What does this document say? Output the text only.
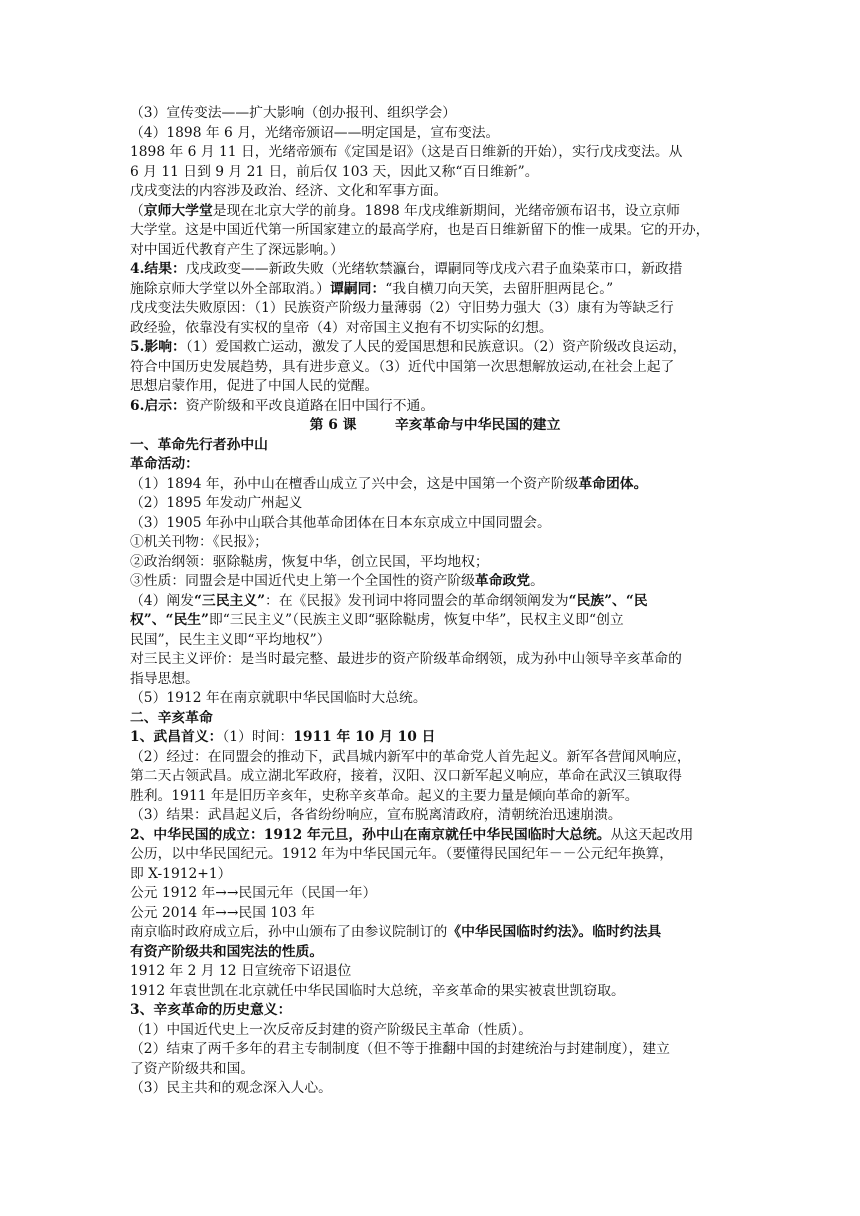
（3）宣传变法——扩大影响（创办报刊、组织学会）
（4）1898 年 6 月，光绪帝颁诏——明定国是，宣布变法。
1898 年 6 月 11 日，光绪帝颁布《定国是诏》（这是百日维新的开始），实行戊戌变法。从
6 月 11 日到 9 月 21 日，前后仅 103 天，因此又称“百日维新”。
戊戌变法的内容涉及政治、经济、文化和军事方面。
（京师大学堂是现在北京大学的前身。1898 年戊戌维新期间，光绪帝颁布诏书，设立京师
大学堂。这是中国近代第一所国家建立的最高学府，也是百日维新留下的惟一成果。它的开办，
对中国近代教育产生了深远影响。）
4.结果：戊戌政变——新政失败（光绪软禁瀛台，谭嗣同等戊戌六君子血染菜市口，新政措
施除京师大学堂以外全部取消。）谭嗣同：“我自横刀向天笑，去留肝胆两昆仑。”
戊戌变法失败原因：（1）民族资产阶级力量薄弱（2）守旧势力强大（3）康有为等缺乏行
政经验，依靠没有实权的皇帝（4）对帝国主义抱有不切实际的幻想。
5.影响：（1）爱国救亡运动，激发了人民的爱国思想和民族意识。（2）资产阶级改良运动，
符合中国历史发展趋势，具有进步意义。（3）近代中国第一次思想解放运动,在社会上起了
思想启蒙作用，促进了中国人民的觉醒。
6.启示：资产阶级和平改良道路在旧中国行不通。
第 6 课        辛亥革命与中华民国的建立
一、革命先行者孙中山
革命活动：
（1）1894 年，孙中山在檀香山成立了兴中会，这是中国第一个资产阶级革命团体。
（2）1895 年发动广州起义
（3）1905 年孙中山联合其他革命团体在日本东京成立中国同盟会。
①机关刊物：《民报》；
②政治纲领：驱除鞑虏，恢复中华，创立民国，平均地权；
③性质：同盟会是中国近代史上第一个全国性的资产阶级革命政党。
（4）阐发“三民主义”：在《民报》发刊词中将同盟会的革命纲领阐发为“民族”、“民
权”、“民生”即“三民主义”（民族主义即“驱除鞑虏，恢复中华”，民权主义即“创立
民国”，民生主义即“平均地权”）
对三民主义评价：是当时最完整、最进步的资产阶级革命纲领，成为孙中山领导辛亥革命的
指导思想。
（5）1912 年在南京就职中华民国临时大总统。
二、辛亥革命
1、武昌首义：（1）时间：1911 年 10 月 10 日
（2）经过：在同盟会的推动下，武昌城内新军中的革命党人首先起义。新军各营闻风响应，
第二天占领武昌。成立湖北军政府，接着，汉阳、汉口新军起义响应，革命在武汉三镇取得
胜利。1911 年是旧历辛亥年，史称辛亥革命。起义的主要力量是倾向革命的新军。
（3）结果：武昌起义后，各省纷纷响应，宣布脱离清政府，清朝统治迅速崩溃。
2、中华民国的成立：1912 年元旦，孙中山在南京就任中华民国临时大总统。从这天起改用
公历，以中华民国纪元。1912 年为中华民国元年。（要懂得民国纪年－－公元纪年换算，
即 X-1912+1）
公元 1912 年→→民国元年（民国一年）
公元 2014 年→→民国 103 年
南京临时政府成立后，孙中山颁布了由参议院制订的《中华民国临时约法》。临时约法具
有资产阶级共和国宪法的性质。
1912 年 2 月 12 日宣统帝下诏退位
1912 年袁世凯在北京就任中华民国临时大总统，辛亥革命的果实被袁世凯窃取。
3、辛亥革命的历史意义：
（1）中国近代史上一次反帝反封建的资产阶级民主革命（性质）。
（2）结束了两千多年的君主专制制度（但不等于推翻中国的封建统治与封建制度），建立
了资产阶级共和国。
（3）民主共和的观念深入人心。
